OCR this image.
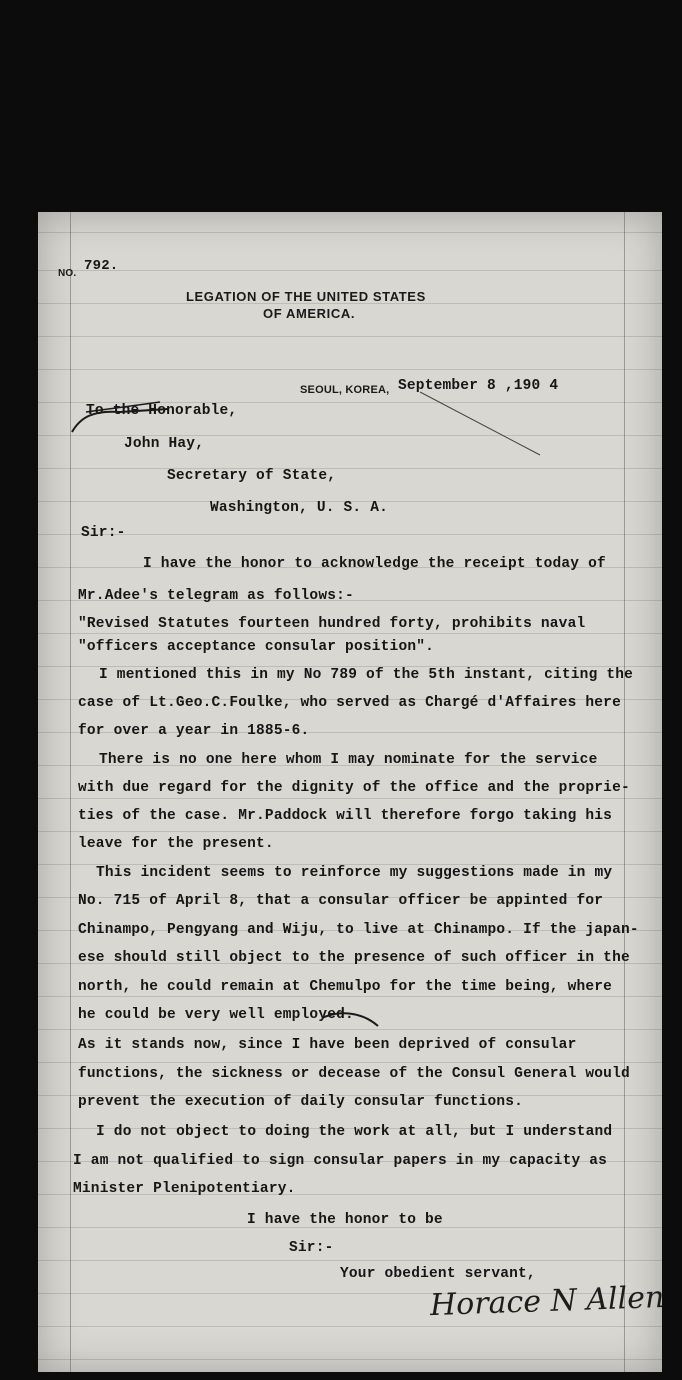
NO. 792.
LEGATION OF THE UNITED STATES
OF AMERICA.
SEOUL, KOREA, September 8 ,190 4
To the Honorable,
John Hay,
Secretary of State,
Washington, U. S. A.
Sir:-
I have the honor to acknowledge the receipt today of
Mr.Adee's telegram as follows:-
"Revised Statutes fourteen hundred forty, prohibits naval
"officers acceptance consular position".
I mentioned this in my No 789 of the 5th instant, citing the
case of Lt.Geo.C.Foulke, who served as Chargé d'Affaires here
for over a year in 1885-6.
There is no one here whom I may nominate for the service
with due regard for the dignity of the office and the proprie-
ties of the case. Mr.Paddock will therefore forgo taking his
leave for the present.
This incident seems to reinforce my suggestions made in my
No. 715 of April 8, that a consular officer be appinted for
Chinampo, Pengyang and Wiju, to live at Chinampo. If the japan-
ese should still object to the presence of such officer in the
north, he could remain at Chemulpo for the time being, where
he could be very well employed.
As it stands now, since I have been deprived of consular
functions, the sickness or decease of the Consul General would
prevent the execution of daily consular functions.
I do not object to doing the work at all, but I understand
I am not qualified to sign consular papers in my capacity as
Minister Plenipotentiary.
I have the honor to be
Sir:-
Your obedient servant,
Horace N Allen
